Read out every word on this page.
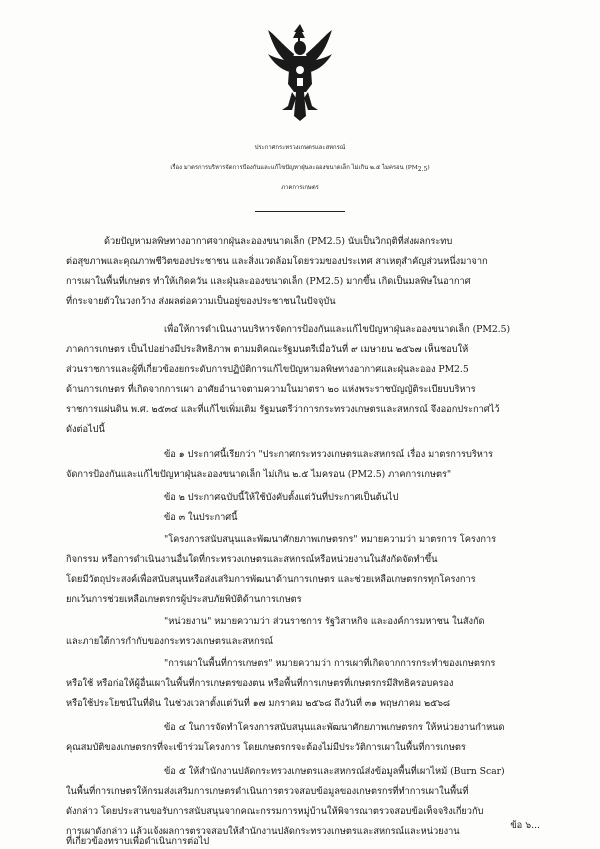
ประกาศกระทรวงเกษตรและสหกรณ์
เรื่อง มาตรการบริหารจัดการป้องกันและแก้ไขปัญหาฝุ่นละอองขนาดเล็ก ไม่เกิน ๒.๕ ไมครอน (PM2.5)
ภาคการเกษตร
ด้วยปัญหามลพิษทางอากาศจากฝุ่นละอองขนาดเล็ก (PM2.5) นับเป็นวิกฤติที่ส่งผลกระทบ
ต่อสุขภาพและคุณภาพชีวิตของประชาชน และสิ่งแวดล้อมโดยรวมของประเทศ สาเหตุสำคัญส่วนหนึ่งมาจาก
การเผาในพื้นที่เกษตร ทำให้เกิดควัน และฝุ่นละอองขนาดเล็ก (PM2.5) มากขึ้น เกิดเป็นมลพิษในอากาศ
ที่กระจายตัวในวงกว้าง ส่งผลต่อความเป็นอยู่ของประชาชนในปัจจุบัน
เพื่อให้การดำเนินงานบริหารจัดการป้องกันและแก้ไขปัญหาฝุ่นละอองขนาดเล็ก (PM2.5)
ภาคการเกษตร เป็นไปอย่างมีประสิทธิภาพ ตามมติคณะรัฐมนตรีเมื่อวันที่ ๙ เมษายน ๒๕๖๗ เห็นชอบให้
ส่วนราชการและผู้ที่เกี่ยวข้องยกระดับการปฏิบัติการแก้ไขปัญหามลพิษทางอากาศและฝุ่นละออง PM2.5
ด้านการเกษตร ที่เกิดจากการเผา อาศัยอำนาจตามความในมาตรา ๒๐ แห่งพระราชบัญญัติระเบียบบริหาร
ราชการแผ่นดิน พ.ศ. ๒๕๓๔ และที่แก้ไขเพิ่มเติม รัฐมนตรีว่าการกระทรวงเกษตรและสหกรณ์ จึงออกประกาศไว้
ดังต่อไปนี้
ข้อ ๑ ประกาศนี้เรียกว่า "ประกาศกระทรวงเกษตรและสหกรณ์ เรื่อง มาตรการบริหาร
จัดการป้องกันและแก้ไขปัญหาฝุ่นละอองขนาดเล็ก ไม่เกิน ๒.๕ ไมครอน (PM2.5) ภาคการเกษตร"
ข้อ ๒ ประกาศฉบับนี้ให้ใช้บังคับตั้งแต่วันที่ประกาศเป็นต้นไป
ข้อ ๓ ในประกาศนี้
"โครงการสนับสนุนและพัฒนาศักยภาพเกษตรกร" หมายความว่า มาตรการ โครงการ
กิจกรรม หรือการดำเนินงานอื่นใดที่กระทรวงเกษตรและสหกรณ์หรือหน่วยงานในสังกัดจัดทำขึ้น
โดยมีวัตถุประสงค์เพื่อสนับสนุนหรือส่งเสริมการพัฒนาด้านการเกษตร และช่วยเหลือเกษตรกรทุกโครงการ
ยกเว้นการช่วยเหลือเกษตรกรผู้ประสบภัยพิบัติด้านการเกษตร
"หน่วยงาน" หมายความว่า ส่วนราชการ รัฐวิสาหกิจ และองค์การมหาชน ในสังกัด
และภายใต้การกำกับของกระทรวงเกษตรและสหกรณ์
"การเผาในพื้นที่การเกษตร" หมายความว่า การเผาที่เกิดจากการกระทำของเกษตรกร
หรือใช้ หรือก่อให้ผู้อื่นเผาในพื้นที่การเกษตรของตน หรือพื้นที่การเกษตรที่เกษตรกรมีสิทธิครอบครอง
หรือใช้ประโยชน์ในที่ดิน ในช่วงเวลาตั้งแต่วันที่ ๑๗ มกราคม ๒๕๖๘ ถึงวันที่ ๓๑ พฤษภาคม ๒๕๖๘
ข้อ ๔ ในการจัดทำโครงการสนับสนุนและพัฒนาศักยภาพเกษตรกร ให้หน่วยงานกำหนด
คุณสมบัติของเกษตรกรที่จะเข้าร่วมโครงการ โดยเกษตรกรจะต้องไม่มีประวัติการเผาในพื้นที่การเกษตร
ข้อ ๕ ให้สำนักงานปลัดกระทรวงเกษตรและสหกรณ์ส่งข้อมูลพื้นที่เผาไหม้ (Burn Scar)
ในพื้นที่การเกษตรให้กรมส่งเสริมการเกษตรดำเนินการตรวจสอบข้อมูลของเกษตรกรที่ทำการเผาในพื้นที่
ดังกล่าว โดยประสานขอรับการสนับสนุนจากคณะกรรมการหมู่บ้านให้พิจารณาตรวจสอบข้อเท็จจริงเกี่ยวกับ
การเผาดังกล่าว แล้วแจ้งผลการตรวจสอบให้สำนักงานปลัดกระทรวงเกษตรและสหกรณ์และหน่วยงาน
ที่เกี่ยวข้องทราบเพื่อดำเนินการต่อไป
ข้อ ๖...
